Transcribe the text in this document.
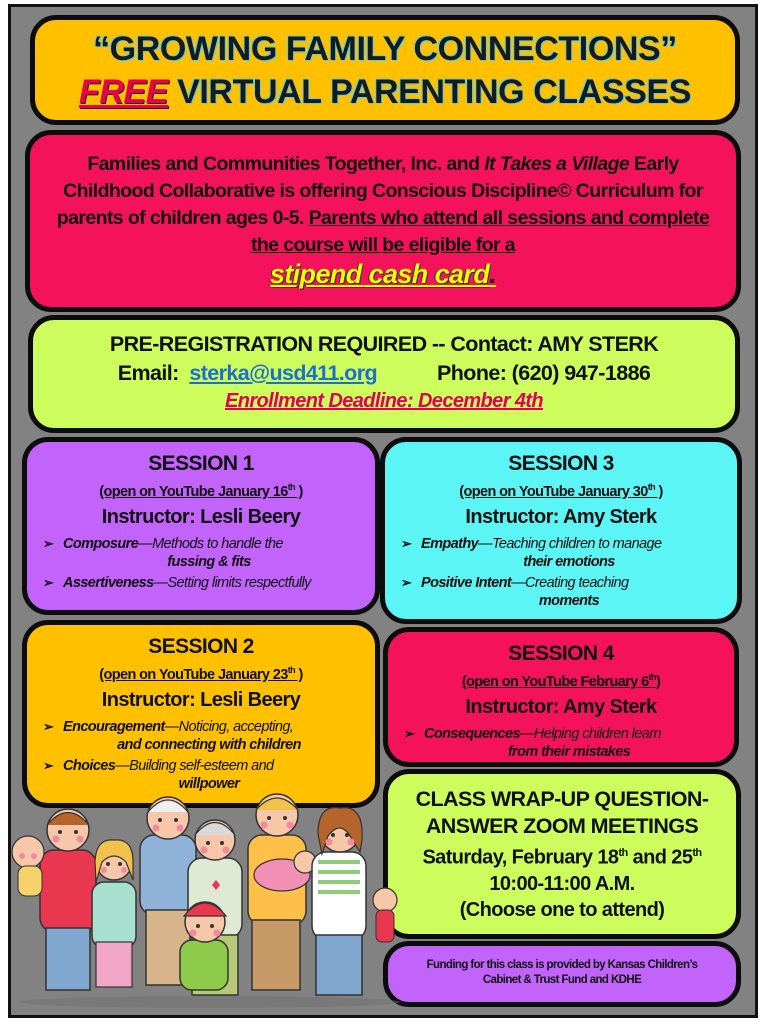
“GROWING FAMILY CONNECTIONS”
FREE VIRTUAL PARENTING CLASSES
Families and Communities Together, Inc. and It Takes a Village Early Childhood Collaborative is offering Conscious Discipline© Curriculum for parents of children ages 0-5. Parents who attend all sessions and complete the course will be eligible for a
stipend cash card.
PRE-REGISTRATION REQUIRED -- Contact: AMY STERK
Email: sterka@usd411.org	Phone: (620) 947-1886
Enrollment Deadline: December 4th
SESSION 1
(open on YouTube January 16th )
Instructor: Lesli Beery
➢ Composure—Methods to handle the
fussing & fits
➢ Assertiveness—Setting limits respectfully
SESSION 3
(open on YouTube January 30th )
Instructor: Amy Sterk
➢ Empathy—Teaching children to manage
their emotions
➢ Positive Intent—Creating teaching
moments
SESSION 2
(open on YouTube January 23th )
Instructor: Lesli Beery
➢ Encouragement—Noticing, accepting,
and connecting with children
➢ Choices—Building self-esteem and
willpower
SESSION 4
(open on YouTube February 6th)
Instructor: Amy Sterk
➢ Consequences—Helping children learn
from their mistakes
CLASS WRAP-UP QUESTION-
ANSWER ZOOM MEETINGS
Saturday, February 18th and 25th
10:00-11:00 A.M.
(Choose one to attend)
Funding for this class is provided by Kansas Children’s Cabinet & Trust Fund and KDHE
